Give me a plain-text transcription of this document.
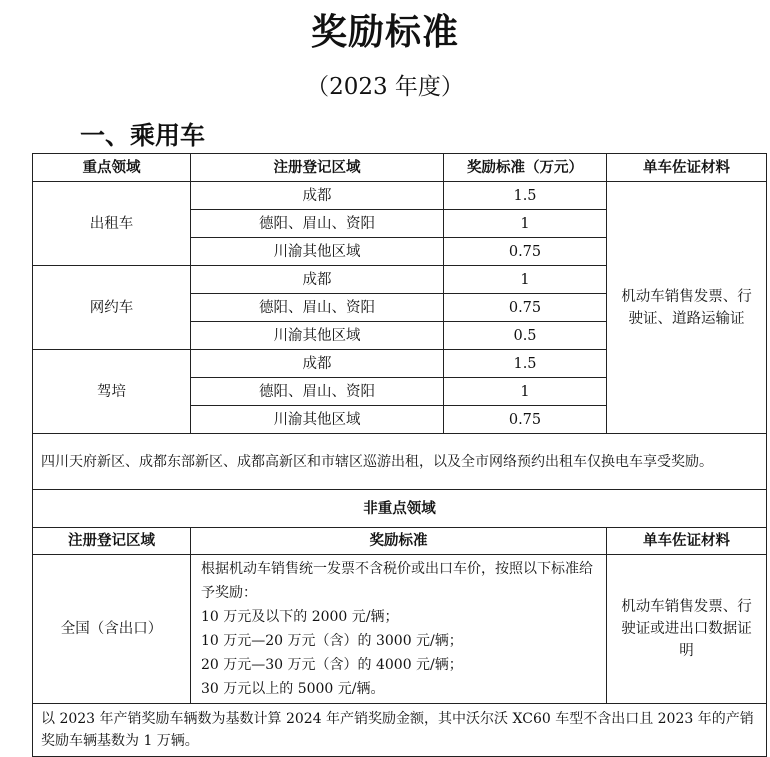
奖励标准
（2023 年度）
一、乘用车
重点领域	注册登记区域	奖励标准（万元）	单车佐证材料
出租车	成都	1.5	机动车销售发票、行驶证、道路运输证
	德阳、眉山、资阳	1	
	川渝其他区域	0.75	
网约车	成都	1	
	德阳、眉山、资阳	0.75	
	川渝其他区域	0.5	
驾培	成都	1.5	
	德阳、眉山、资阳	1	
	川渝其他区域	0.75	
四川天府新区、成都东部新区、成都高新区和市辖区巡游出租，以及全市网络预约出租车仅换电车享受奖励。			
非重点领域			
注册登记区域	奖励标准		单车佐证材料
全国（含出口）	根据机动车销售统一发票不含税价或出口车价，按照以下标准给予奖励：
10 万元及以下的 2000 元/辆；
10 万元—20 万元（含）的 3000 元/辆；
20 万元—30 万元（含）的 4000 元/辆；
30 万元以上的 5000 元/辆。		机动车销售发票、行驶证或进出口数据证明
以 2023 年产销奖励车辆数为基数计算 2024 年产销奖励金额，其中沃尔沃 XC60 车型不含出口且 2023 年的产销奖励车辆基数为 1 万辆。			
